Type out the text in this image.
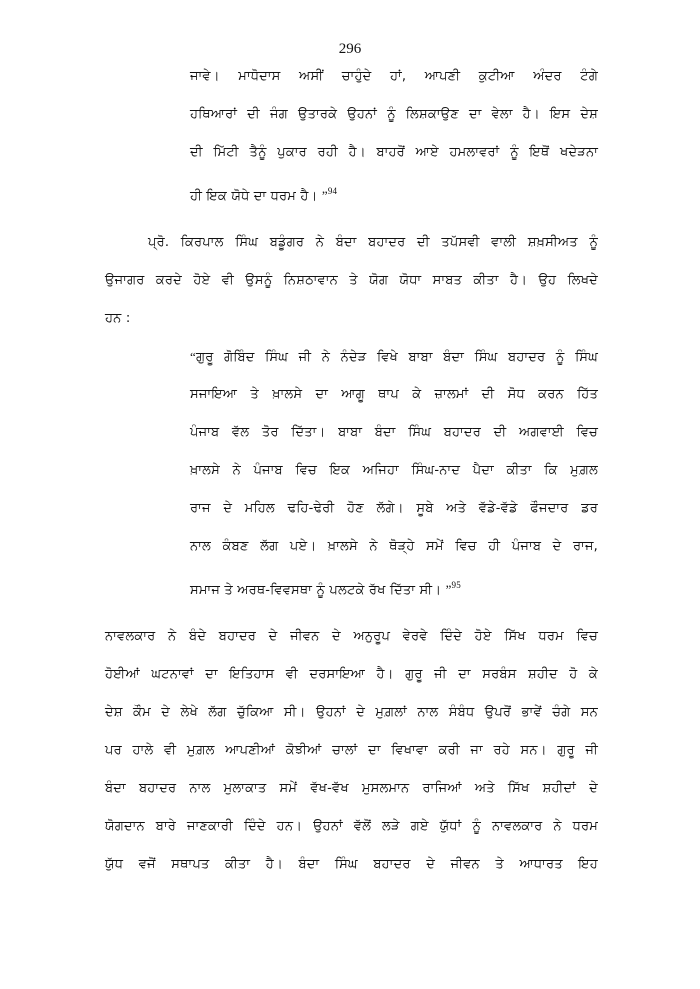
296
ਜਾਵੇ। ਮਾਧੋਦਾਸ ਅਸੀਂ ਚਾਹੁੰਦੇ ਹਾਂ, ਆਪਣੀ ਕੁਟੀਆ ਅੰਦਰ ਟੰਗੇ
ਹਥਿਆਰਾਂ ਦੀ ਜੰਗ ਉਤਾਰਕੇ ਉਹਨਾਂ ਨੂੰ ਲਿਸ਼ਕਾਉਣ ਦਾ ਵੇਲਾ ਹੈ। ਇਸ ਦੇਸ਼
ਦੀ ਮਿੱਟੀ ਤੈਨੂੰ ਪੁਕਾਰ ਰਹੀ ਹੈ। ਬਾਹਰੋਂ ਆਏ ਹਮਲਾਵਰਾਂ ਨੂੰ ਇਥੋਂ ਖਦੇੜਨਾ
ਹੀ ਇਕ ਯੋਧੇ ਦਾ ਧਰਮ ਹੈ। ”$^{94}$
ਪ੍ਰੋ. ਕਿਰਪਾਲ ਸਿੰਘ ਬਡੂੰਗਰ ਨੇ ਬੰਦਾ ਬਹਾਦਰ ਦੀ ਤਪੱਸਵੀ ਵਾਲੀ ਸ਼ਖ਼ਸੀਅਤ ਨੂੰ
ਉਜਾਗਰ ਕਰਦੇ ਹੋਏ ਵੀ ਉਸਨੂੰ ਨਿਸ਼ਠਾਵਾਨ ਤੇ ਯੋਗ ਯੋਧਾ ਸਾਬਤ ਕੀਤਾ ਹੈ। ਉਹ ਲਿਖਦੇ
ਹਨ :
“ਗੁਰੂ ਗੋਬਿੰਦ ਸਿੰਘ ਜੀ ਨੇ ਨੰਦੇੜ ਵਿਖੇ ਬਾਬਾ ਬੰਦਾ ਸਿੰਘ ਬਹਾਦਰ ਨੂੰ ਸਿੰਘ
ਸਜਾਇਆ ਤੇ ਖ਼ਾਲਸੇ ਦਾ ਆਗੂ ਥਾਪ ਕੇ ਜ਼ਾਲਮਾਂ ਦੀ ਸੋਧ ਕਰਨ ਹਿੱਤ
ਪੰਜਾਬ ਵੱਲ ਤੋਰ ਦਿੱਤਾ। ਬਾਬਾ ਬੰਦਾ ਸਿੰਘ ਬਹਾਦਰ ਦੀ ਅਗਵਾਈ ਵਿਚ
ਖ਼ਾਲਸੇ ਨੇ ਪੰਜਾਬ ਵਿਚ ਇਕ ਅਜਿਹਾ ਸਿੰਘ-ਨਾਦ ਪੈਦਾ ਕੀਤਾ ਕਿ ਮੁਗ਼ਲ
ਰਾਜ ਦੇ ਮਹਿਲ ਢਹਿ-ਢੇਰੀ ਹੋਣ ਲੱਗੇ। ਸੂਬੇ ਅਤੇ ਵੱਡੇ-ਵੱਡੇ ਫੌਜਦਾਰ ਡਰ
ਨਾਲ ਕੰਬਣ ਲੱਗ ਪਏ। ਖ਼ਾਲਸੇ ਨੇ ਥੋੜ੍ਹੇ ਸਮੇਂ ਵਿਚ ਹੀ ਪੰਜਾਬ ਦੇ ਰਾਜ,
ਸਮਾਜ ਤੇ ਅਰਥ-ਵਿਵਸਥਾ ਨੂੰ ਪਲਟਕੇ ਰੱਖ ਦਿੱਤਾ ਸੀ। ”$^{95}$
ਨਾਵਲਕਾਰ ਨੇ ਬੰਦੇ ਬਹਾਦਰ ਦੇ ਜੀਵਨ ਦੇ ਅਨੁਰੂਪ ਵੇਰਵੇ ਦਿੰਦੇ ਹੋਏ ਸਿੱਖ ਧਰਮ ਵਿਚ
ਹੋਈਆਂ ਘਟਨਾਵਾਂ ਦਾ ਇਤਿਹਾਸ ਵੀ ਦਰਸਾਇਆ ਹੈ। ਗੁਰੂ ਜੀ ਦਾ ਸਰਬੰਸ ਸ਼ਹੀਦ ਹੋ ਕੇ
ਦੇਸ਼ ਕੌਮ ਦੇ ਲੇਖੇ ਲੱਗ ਚੁੱਕਿਆ ਸੀ। ਉਹਨਾਂ ਦੇ ਮੁਗ਼ਲਾਂ ਨਾਲ ਸੰਬੰਧ ਉਪਰੋਂ ਭਾਵੇਂ ਚੰਗੇ ਸਨ
ਪਰ ਹਾਲੇ ਵੀ ਮੁਗ਼ਲ ਆਪਣੀਆਂ ਕੋਝੀਆਂ ਚਾਲਾਂ ਦਾ ਵਿਖਾਵਾ ਕਰੀ ਜਾ ਰਹੇ ਸਨ। ਗੁਰੂ ਜੀ
ਬੰਦਾ ਬਹਾਦਰ ਨਾਲ ਮੁਲਾਕਾਤ ਸਮੇਂ ਵੱਖ-ਵੱਖ ਮੁਸਲਮਾਨ ਰਾਜਿਆਂ ਅਤੇ ਸਿੱਖ ਸ਼ਹੀਦਾਂ ਦੇ
ਯੋਗਦਾਨ ਬਾਰੇ ਜਾਣਕਾਰੀ ਦਿੰਦੇ ਹਨ। ਉਹਨਾਂ ਵੱਲੋਂ ਲੜੇ ਗਏ ਯੁੱਧਾਂ ਨੂੰ ਨਾਵਲਕਾਰ ਨੇ ਧਰਮ
ਯੁੱਧ ਵਜੋਂ ਸਥਾਪਤ ਕੀਤਾ ਹੈ। ਬੰਦਾ ਸਿੰਘ ਬਹਾਦਰ ਦੇ ਜੀਵਨ ਤੇ ਆਧਾਰਤ ਇਹ
